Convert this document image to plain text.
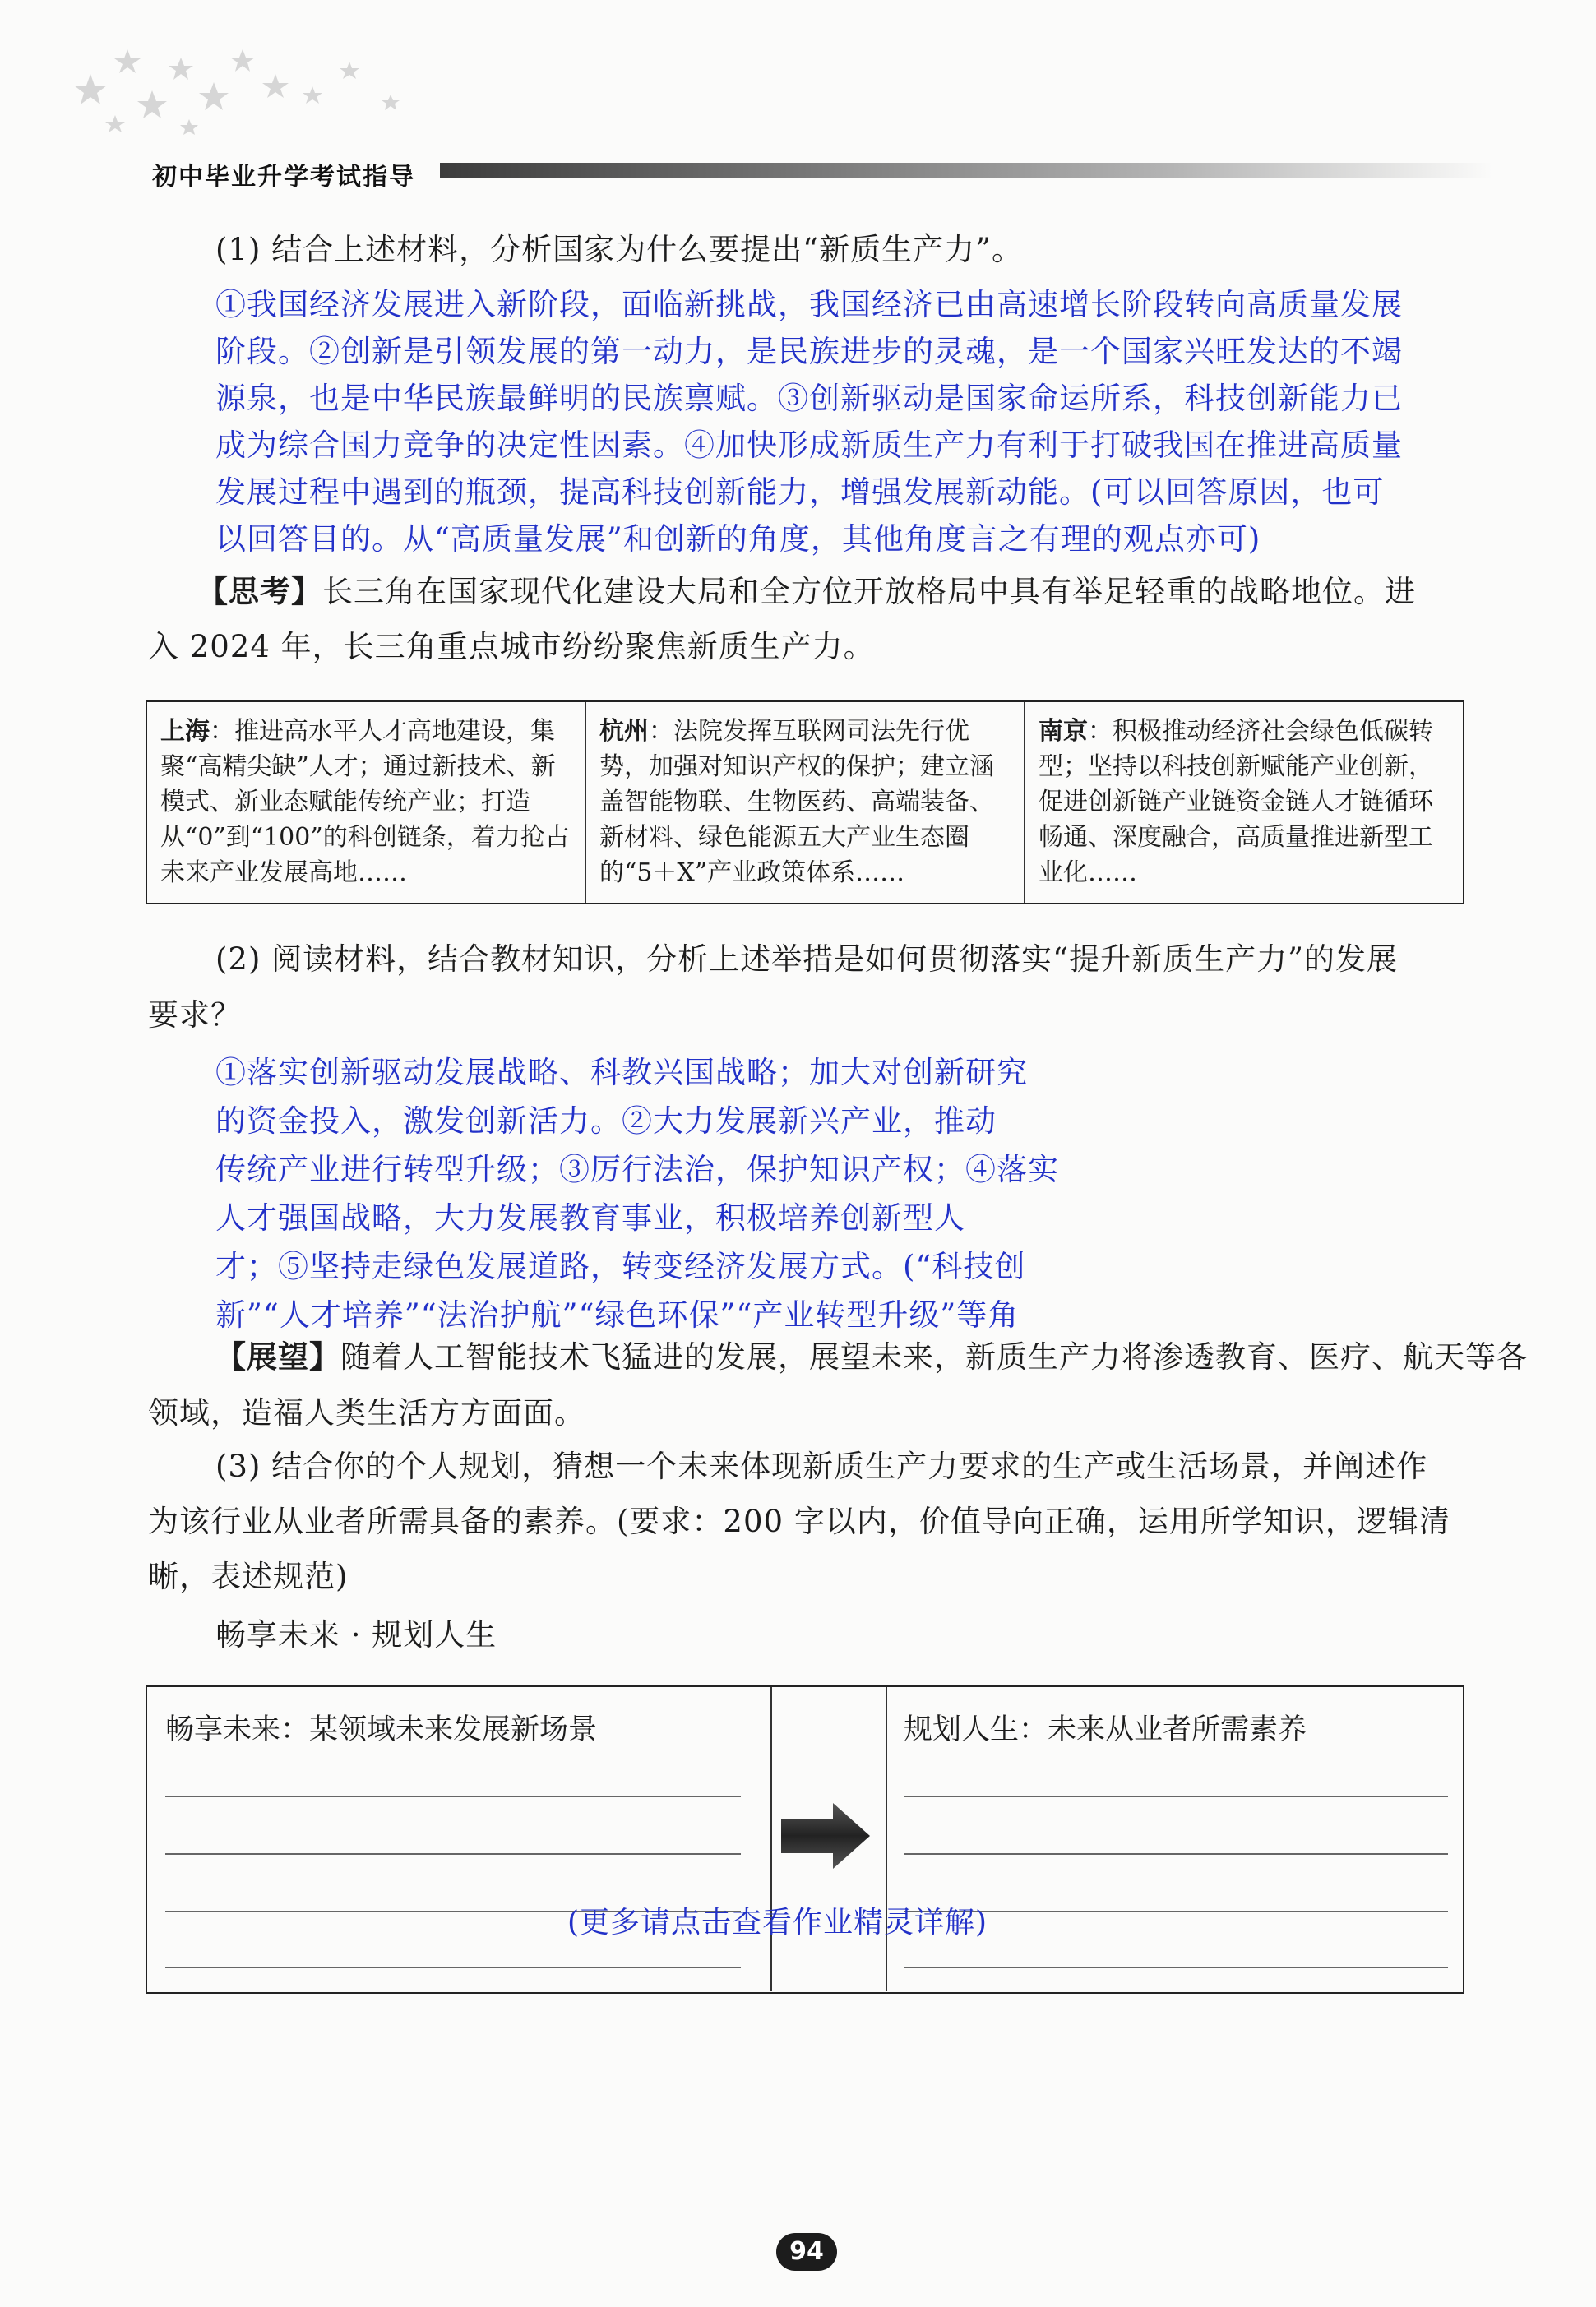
初中毕业升学考试指导
(1) 结合上述材料，分析国家为什么要提出“新质生产力”。
①我国经济发展进入新阶段，面临新挑战，我国经济已由高速增长阶段转向高质量发展
阶段。②创新是引领发展的第一动力，是民族进步的灵魂，是一个国家兴旺发达的不竭
源泉，也是中华民族最鲜明的民族禀赋。③创新驱动是国家命运所系，科技创新能力已
成为综合国力竞争的决定性因素。④加快形成新质生产力有利于打破我国在推进高质量
发展过程中遇到的瓶颈，提高科技创新能力，增强发展新动能。(可以回答原因，也可
以回答目的。从“高质量发展”和创新的角度，其他角度言之有理的观点亦可)
【思考】长三角在国家现代化建设大局和全方位开放格局中具有举足轻重的战略地位。进
入 2024 年，长三角重点城市纷纷聚焦新质生产力。
上海：推进高水平人才高地建设，集聚“高精尖缺”人才；通过新技术、新模式、新业态赋能传统产业；打造从“0”到“100”的科创链条，着力抢占未来产业发展高地……
杭州：法院发挥互联网司法先行优势，加强对知识产权的保护；建立涵盖智能物联、生物医药、高端装备、新材料、绿色能源五大产业生态圈的“5＋X”产业政策体系……
南京：积极推动经济社会绿色低碳转型；坚持以科技创新赋能产业创新，促进创新链产业链资金链人才链循环畅通、深度融合，高质量推进新型工业化……
(2) 阅读材料，结合教材知识，分析上述举措是如何贯彻落实“提升新质生产力”的发展
要求？
①落实创新驱动发展战略、科教兴国战略；加大对创新研究
的资金投入，激发创新活力。②大力发展新兴产业，推动
传统产业进行转型升级；③厉行法治，保护知识产权；④落实
人才强国战略，大力发展教育事业，积极培养创新型人
才；⑤坚持走绿色发展道路，转变经济发展方式。(“科技创
新”“人才培养”“法治护航”“绿色环保”“产业转型升级”等角
【展望】随着人工智能技术飞猛进的发展，展望未来，新质生产力将渗透教育、医疗、航天等各
领域，造福人类生活方方面面。
(3) 结合你的个人规划，猜想一个未来体现新质生产力要求的生产或生活场景，并阐述作
为该行业从业者所需具备的素养。(要求：200 字以内，价值导向正确，运用所学知识，逻辑清
晰，表述规范)
畅享未来 · 规划人生
畅享未来：某领域未来发展新场景	规划人生：未来从业者所需素养
(更多请点击查看作业精灵详解)
94
